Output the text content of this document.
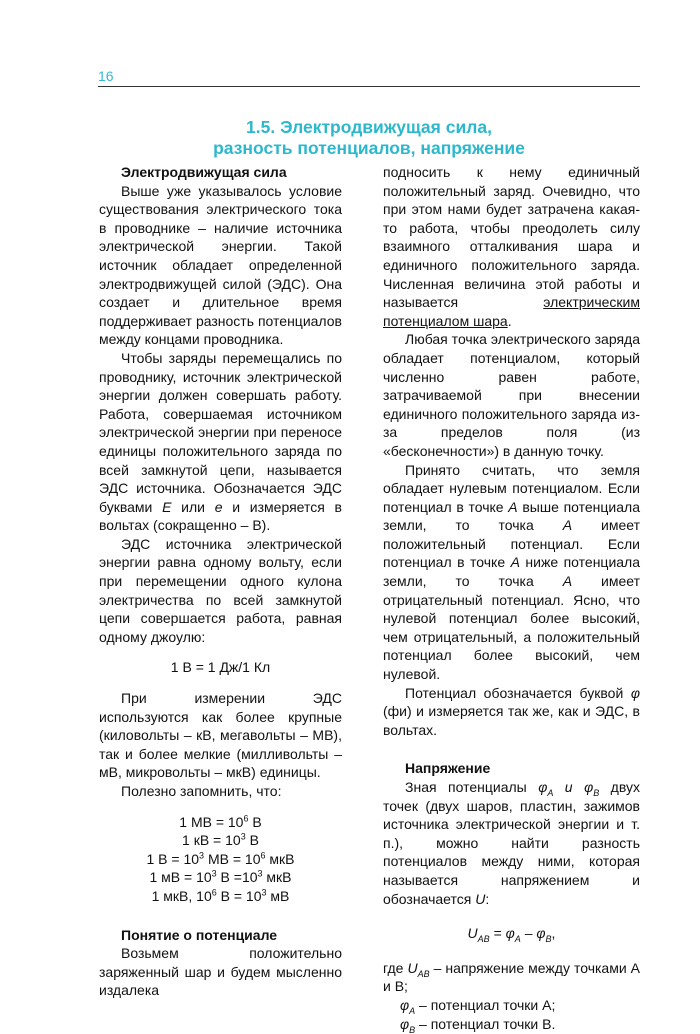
16
1.5. Электродвижущая сила,
разность потенциалов, напряжение

Электродвижущая сила

Выше уже указывалось условие существования электрического тока в проводнике – наличие источника электрической энергии. Такой источник обладает определенной электродвижущей силой (ЭДС). Она создает и длительное время поддерживает разность потенциалов между концами проводника.

Чтобы заряды перемещались по проводнику, источник электрической энергии должен совершать работу. Работа, совершаемая источником электрической энергии при переносе единицы положительного заряда по всей замкнутой цепи, называется ЭДС источника. Обозначается ЭДС буквами E или e и измеряется в вольтах (сокращенно – В).

ЭДС источника электрической энергии равна одному вольту, если при перемещении одного кулона электричества по всей замкнутой цепи совершается работа, равная одному джоулю:

1 В = 1 Дж/1 Кл

При измерении ЭДС используются как более крупные (киловольты – кВ, мегавольты – МВ), так и более мелкие (милливольты – мВ, микровольты – мкВ) единицы.

Полезно запомнить, что:

1 МВ = $10^6$ В

1 кВ = $10^3$ В

1 $В = 10^3$ МВ = $10^6$ мкВ

1 мВ = $10^3$ $В =10^3$ мкВ

1 мкВ, $10^6$ $В = 10^3$ мВ

Понятие о потенциале

Возьмем положительно заряженный шар и будем мысленно издалека

подносить к нему единичный положительный заряд. Очевидно, что при этом нами будет затрачена какая-то работа, чтобы преодолеть силу взаимного отталкивания шара и единичного положительного заряда. Численная величина этой работы и называется электрическим потенциалом шара.

Любая точка электрического заряда обладает потенциалом, который численно равен работе, затрачиваемой при внесении единичного положительного заряда из-за пределов поля (из «бесконечности») в данную точку.

Принято считать, что земля обладает нулевым потенциалом. Если потенциал в точке А выше потенциала земли, то точка А имеет положительный потенциал. Если потенциал в точке А ниже потенциала земли, то точка А имеет отрицательный потенциал. Ясно, что нулевой потенциал более высокий, чем отрицательный, а положительный потенциал более высокий, чем нулевой.

Потенциал обозначается буквой φ (фи) и измеряется так же, как и ЭДС, в вольтах.

Напряжение

Зная потенциалы $\varphi_A$ и $\varphi_B$ двух точек (двух шаров, пластин, зажимов источника электрической энергии и т. п.), можно найти разность потенциалов между ними, которая называется напряжением и обозначается U:

$U_{AB} = \varphi_A - \varphi_B$,

где $U_{AB}$ – напряжение между точками А и В;

$\varphi_A$ – потенциал точки А;

$\varphi_B$ – потенциал точки В.
